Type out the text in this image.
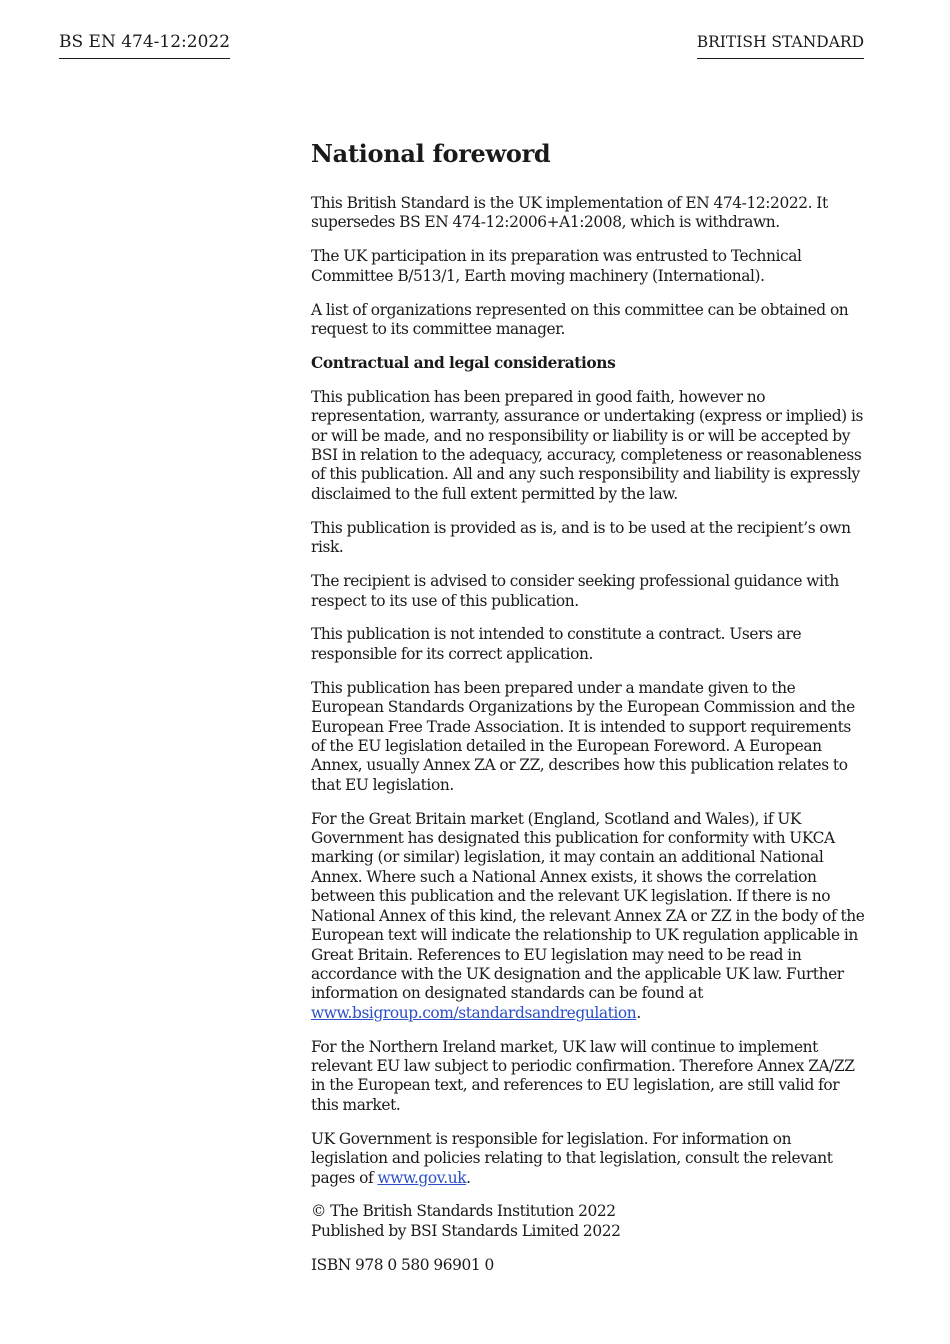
BS EN 474-12:2022	BRITISH STANDARD
National foreword

This British Standard is the UK implementation of EN 474-12:2022. It supersedes BS EN 474-12:2006+A1:2008, which is withdrawn.

The UK participation in its preparation was entrusted to Technical Committee B/513/1, Earth moving machinery (International).

A list of organizations represented on this committee can be obtained on request to its committee manager.

Contractual and legal considerations

This publication has been prepared in good faith, however no representation, warranty, assurance or undertaking (express or implied) is or will be made, and no responsibility or liability is or will be accepted by BSI in relation to the adequacy, accuracy, completeness or reasonableness of this publication. All and any such responsibility and liability is expressly disclaimed to the full extent permitted by the law.

This publication is provided as is, and is to be used at the recipient’s own risk.

The recipient is advised to consider seeking professional guidance with respect to its use of this publication.

This publication is not intended to constitute a contract. Users are responsible for its correct application.

This publication has been prepared under a mandate given to the European Standards Organizations by the European Commission and the European Free Trade Association. It is intended to support requirements of the EU legislation detailed in the European Foreword. A European Annex, usually Annex ZA or ZZ, describes how this publication relates to that EU legislation.

For the Great Britain market (England, Scotland and Wales), if UK Government has designated this publication for conformity with UKCA marking (or similar) legislation, it may contain an additional National Annex. Where such a National Annex exists, it shows the correlation between this publication and the relevant UK legislation. If there is no National Annex of this kind, the relevant Annex ZA or ZZ in the body of the European text will indicate the relationship to UK regulation applicable in Great Britain. References to EU legislation may need to be read in accordance with the UK designation and the applicable UK law. Further information on designated standards can be found at www.bsigroup.com/standardsandregulation.

For the Northern Ireland market, UK law will continue to implement relevant EU law subject to periodic confirmation. Therefore Annex ZA/ZZ in the European text, and references to EU legislation, are still valid for this market.

UK Government is responsible for legislation. For information on legislation and policies relating to that legislation, consult the relevant pages of www.gov.uk.

© The British Standards Institution 2022
Published by BSI Standards Limited 2022

ISBN 978 0 580 96901 0
